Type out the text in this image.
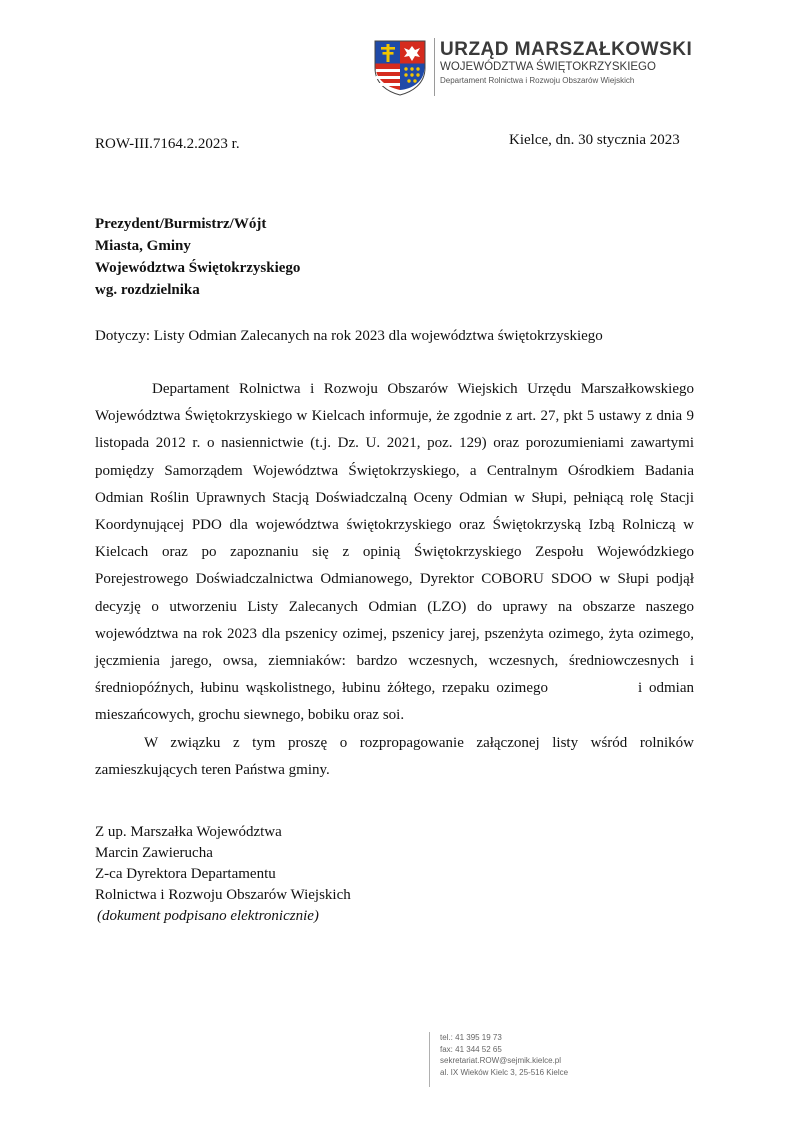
URZĄD MARSZAŁKOWSKI
WOJEWÓDZTWA ŚWIĘTOKRZYSKIEGO
Departament Rolnictwa i Rozwoju Obszarów Wiejskich
ROW-III.7164.2.2023 r.	Kielce, dn. 30 stycznia 2023
Prezydent/Burmistrz/Wójt
Miasta, Gminy
Województwa Świętokrzyskiego
wg. rozdzielnika
Dotyczy: Listy Odmian Zalecanych na rok 2023 dla województwa świętokrzyskiego

Departament Rolnictwa i Rozwoju Obszarów Wiejskich Urzędu Marszałkowskiego Województwa Świętokrzyskiego w Kielcach informuje, że zgodnie z art. 27, pkt 5 ustawy z dnia 9 listopada 2012 r. o nasiennictwie (t.j. Dz. U. 2021, poz. 129) oraz porozumieniami zawartymi pomiędzy Samorządem Województwa Świętokrzyskiego, a Centralnym Ośrodkiem Badania Odmian Roślin Uprawnych Stacją Doświadczalną Oceny Odmian w Słupi, pełniącą rolę Stacji Koordynującej PDO dla województwa świętokrzyskiego oraz Świętokrzyską Izbą Rolniczą w Kielcach oraz po zapoznaniu się z opinią Świętokrzyskiego Zespołu Wojewódzkiego Porejestrowego Doświadczalnictwa Odmianowego, Dyrektor COBORU SDOO w Słupi podjął decyzję o utworzeniu Listy Zalecanych Odmian (LZO) do uprawy na obszarze naszego województwa na rok 2023 dla pszenicy ozimej, pszenicy jarej, pszenżyta ozimego, żyta ozimego, jęczmienia jarego, owsa, ziemniaków: bardzo wczesnych, wczesnych, średniowczesnych i średniopóźnych, łubinu wąskolistnego, łubinu żółtego, rzepaku ozimego	i odmian mieszańcowych, grochu siewnego, bobiku oraz soi.

W związku z tym proszę o rozpropagowanie załączonej listy wśród rolników zamieszkujących teren Państwa gminy.

Z up. Marszałka Województwa
Marcin Zawierucha
Z-ca Dyrektora Departamentu
Rolnictwa i Rozwoju Obszarów Wiejskich
(dokument podpisano elektronicznie)
tel.: 41 395 19 73
fax: 41 344 52 65
sekretariat.ROW@sejmik.kielce.pl
al. IX Wieków Kielc 3, 25-516 Kielce
